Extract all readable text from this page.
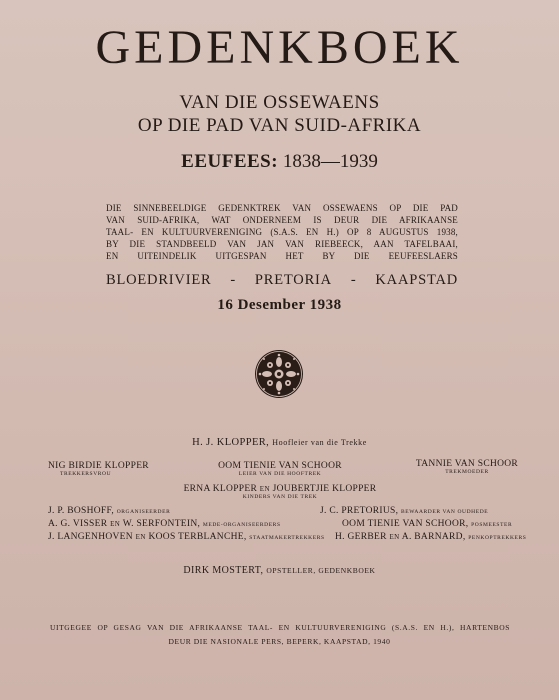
GEDENKBOEK
VAN DIE OSSEWAENS
OP DIE PAD VAN SUID-AFRIKA
EEUFEES: 1838—1939
DIE SINNEBEELDIGE GEDENKTREK VAN OSSEWAENS OP DIE PAD
VAN SUID-AFRIKA, WAT ONDERNEEM IS DEUR DIE AFRIKAANSE
TAAL- EN KULTUURVERENIGING (S.A.S. EN H.) OP 8 AUGUSTUS 1938,
BY DIE STANDBEELD VAN JAN VAN RIEBEECK, AAN TAFELBAAI,
EN UITEINDELIK UITGESPAN HET BY DIE EEUFEESLAERS
BLOEDRIVIER - PRETORIA - KAAPSTAD
16 Desember 1938
H. J. KLOPPER, Hoofleier van die Trekke
NIG BIRDIE KLOPPER
TREKKERSVROU
OOM TIENIE VAN SCHOOR
LEIER VAN DIE HOOFTREK
TANNIE VAN SCHOOR
TREKMOEDER
ERNA KLOPPER EN JOUBERTJIE KLOPPER
KINDERS VAN DIE TREK
J. P. BOSHOFF, ORGANISEERDER
A. G. VISSER EN W. SERFONTEIN, MEDE-ORGANISEERDERS
J. LANGENHOVEN EN KOOS TERBLANCHE, STAATMAKERTREKKERS
J. C. PRETORIUS, BEWAARDER VAN OUDHEDE
OOM TIENIE VAN SCHOOR, POSMEESTER
H. GERBER EN A. BARNARD, PENKOPTREKKERS
DIRK MOSTERT, OPSTELLER, GEDENKBOEK
UITGEGEE OP GESAG VAN DIE AFRIKAANSE TAAL- EN KULTUURVERENIGING (S.A.S. EN H.), HARTENBOS
DEUR DIE NASIONALE PERS, BEPERK, KAAPSTAD, 1940
